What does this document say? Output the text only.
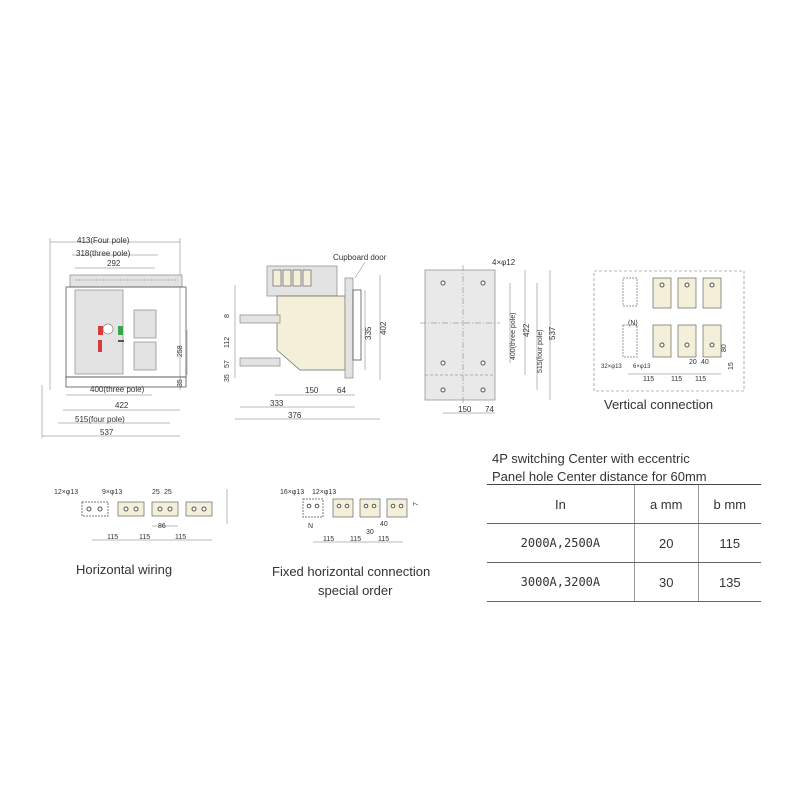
413(Four pole)
318(three pole)
292
258
35
400(three pole)
422
515(four pole)
537
Cupboard door
8
112
57
35
335 402
150 64
333
376
4×φ12
400(three pole) 422 515(four pole) 537
150 74
(N)
32×φ13 6×φ13
115 115 115
20 40
80
15
Vertical connection
12×φ13	9×φ13	25 25
86
115	115	115
Horizontal wiring
16×φ13 12×φ13
N	40
30
115 115 115
7
Fixed horizontal connection
special order
4P switching Center with eccentric
Panel hole Center distance for 60mm
In	a mm	b mm
2000A,2500A	20	115
3000A,3200A	30	135
